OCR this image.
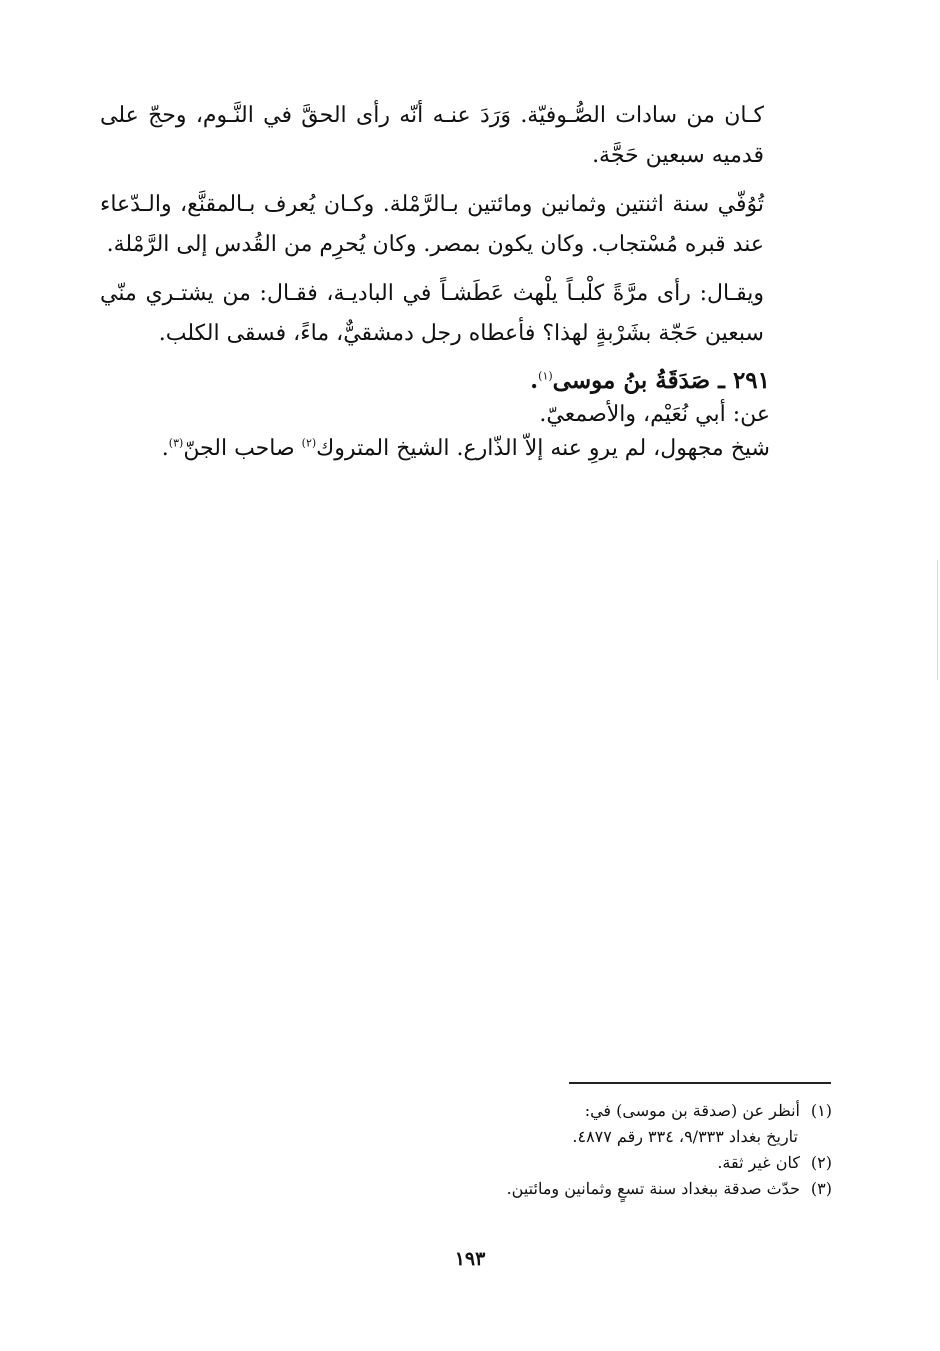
كـان من سادات الصُّـوفيّة. وَرَدَ عنـه أنّه رأى الحقَّ في النَّـوم، وحجّ على قدميه سبعين حَجَّة.

تُوُفّي سنة اثنتين وثمانين ومائتين بـالرَّمْلة. وكـان يُعرف بـالمقنَّع، والـدّعاء عند قبره مُسْتجاب. وكان يكون بمصر. وكان يُحرِم من القُدس إلى الرَّمْلة.

ويقـال: رأى مرَّةً كلْبـاً يلْهث عَطَشـاً في الباديـة، فقـال: من يشتـري منّي سبعين حَجّة بشَرْبةٍ لهذا؟ فأعطاه رجل دمشقيٌّ، ماءً، فسقى الكلب.

٢٩١ ـ صَدَقَةُ بنُ موسى$^{(١)}$.
عن: أبي نُعَيْم، والأصمعيّ.
شيخ مجهول، لم يروِ عنه إلاّ الذّارع. الشيخ المتروك$^{(٢)}$ صاحب الجنّ$^{(٣)}$.

(١)أنظر عن (صدقة بن موسى) في:

تاريخ بغداد ٩/٣٣٣، ٣٣٤ رقم ٤٨٧٧.

(٢)كان غير ثقة.

(٣)حدّث صدقة ببغداد سنة تسعٍ وثمانين ومائتين.

١٩٣
